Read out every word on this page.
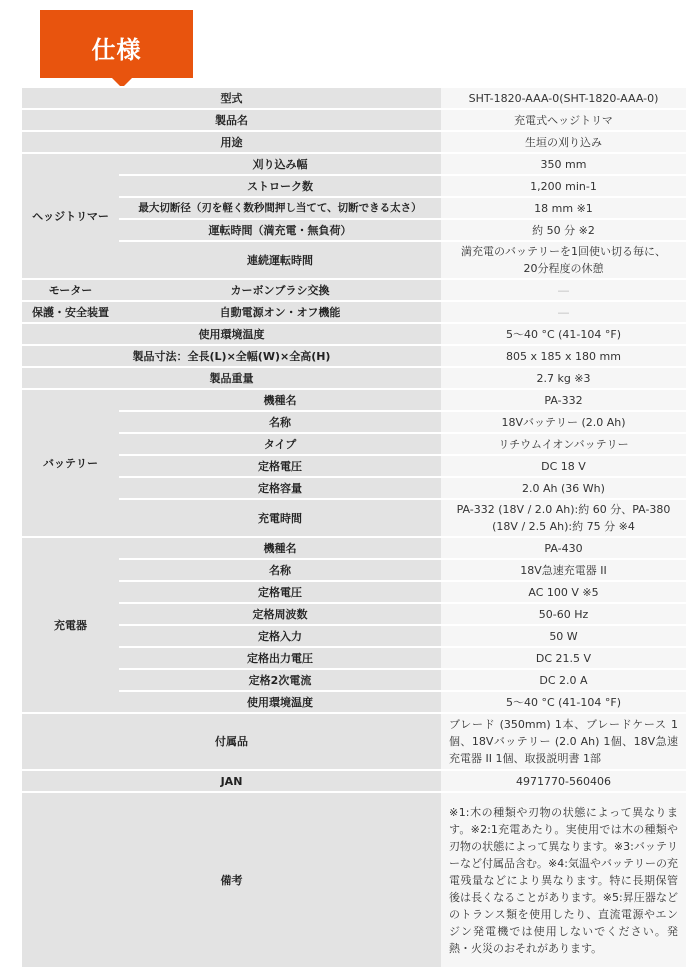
仕様
型式		SHT-1820-AAA-0(SHT-1820-AAA-0)
製品名		充電式ヘッジトリマ
用途		生垣の刈り込み
ヘッジトリマー	刈り込み幅	350 mm
	ストローク数	1,200 min-1
	最大切断径（刃を軽く数秒間押し当てて、切断できる太さ）	18 mm ※1
	運転時間（満充電・無負荷）	約 50 分 ※2
	連続運転時間	満充電のバッテリーを1回使い切る毎に、
20分程度の休憩

モーター	カーボンブラシ交換	―
保護・安全装置	自動電源オン・オフ機能	―
使用環境温度		5～40 °C (41-104 °F)
製品寸法：全長(L)×全幅(W)×全高(H)		805 x 185 x 180 mm
製品重量		2.7 kg ※3
バッテリー	機種名	PA-332
	名称	18Vバッテリー (2.0 Ah)
	タイプ	リチウムイオンバッテリー
	定格電圧	DC 18 V
	定格容量	2.0 Ah (36 Wh)
	充電時間	PA-332 (18V / 2.0 Ah):約 60 分、PA-380
(18V / 2.5 Ah):約 75 分 ※4

充電器	機種名	PA-430
	名称	18V急速充電器 II
	定格電圧	AC 100 V ※5
	定格周波数	50-60 Hz
	定格入力	50 W
	定格出力電圧	DC 21.5 V
	定格2次電流	DC 2.0 A
	使用環境温度	5～40 °C (41-104 °F)
付属品		ブレード (350mm) 1本、ブレードケース 1個、18Vバッテリー (2.0 Ah) 1個、18V急速充電器 II 1個、取扱説明書 1部
JAN		4971770-560406
備考		※1:木の種類や刃物の状態によって異なります。※2:1充電あたり。実使用では木の種類や刃物の状態によって異なります。※3:バッテリーなど付属品含む。※4:気温やバッテリーの充電残量などにより異なります。特に長期保管後は長くなることがあります。※5:昇圧器などのトランス類を使用したり、直流電源やエンジン発電機では使用しないでください。発熱・火災のおそれがあります。
